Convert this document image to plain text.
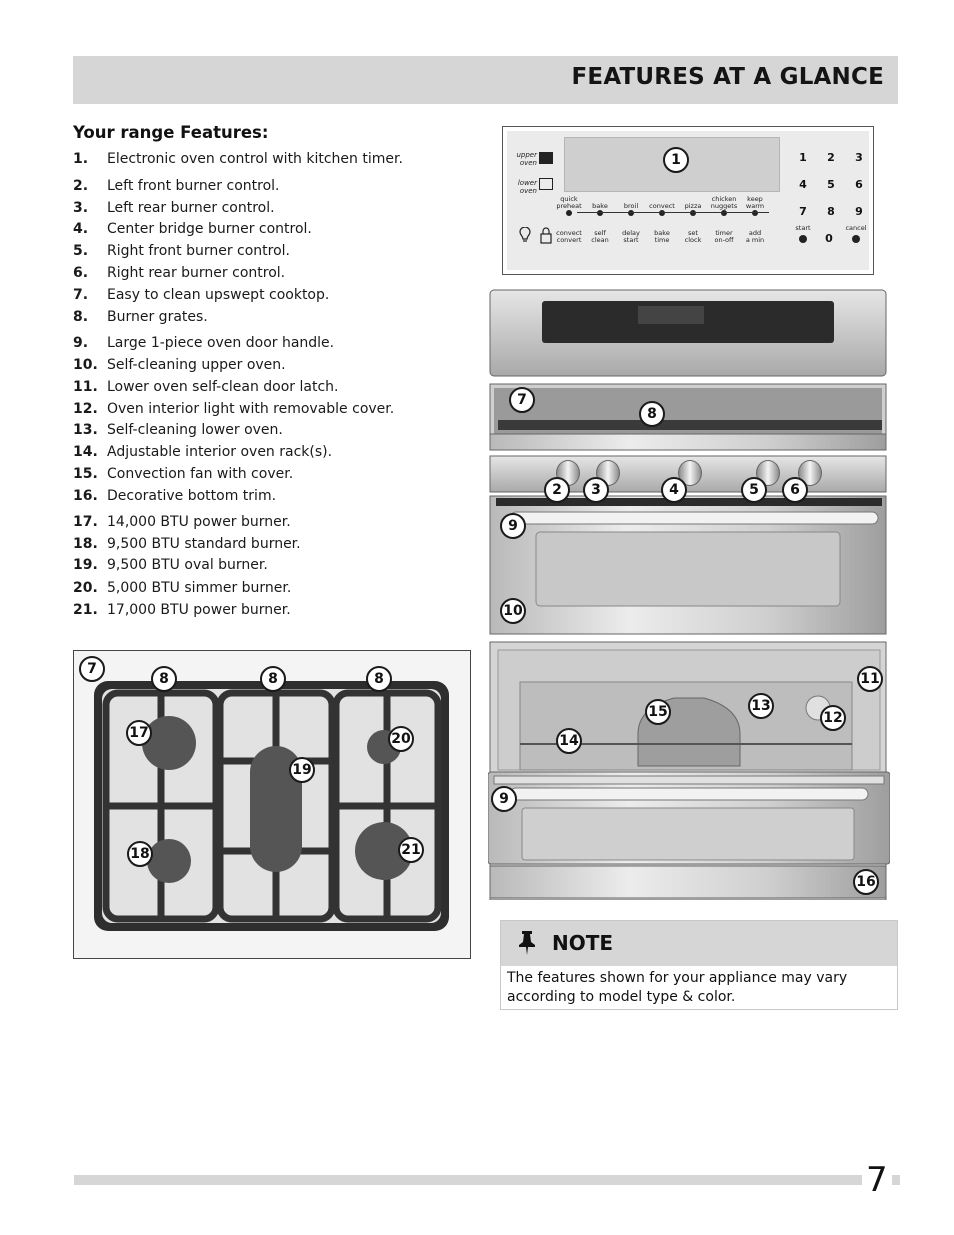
FEATURES AT A GLANCE
Your range Features:
1. Electronic oven control with kitchen timer.
2. Left front burner control.
3. Left rear burner control.
4. Center bridge burner control.
5. Right front burner control.
6. Right rear burner control.
7. Easy to clean upswept cooktop.
8. Burner grates.
9. Large 1-piece oven door handle.
10. Self-cleaning upper oven.
11. Lower oven self-clean door latch.
12. Oven interior light with removable cover.
13. Self-cleaning lower oven.
14. Adjustable interior oven rack(s).
15. Convection fan with cover.
16. Decorative bottom trim.
17. 14,000 BTU power burner.
18. 9,500 BTU standard burner.
19. 9,500 BTU oval burner.
20. 5,000 BTU simmer burner.
21. 17,000 BTU power burner.
upper
oven
lower
oven
1
quick
preheat	bake	broil	convect	pizza
chicken
nuggets
keep
warm
convect
convert
self
clean
delay
start
bake
time
set
clock
timer
on-off
add
a min
1 2 3
4 5 6
7 8 9
start
0
cancel
7
8
2	3	4	5	6
9
10
11
15	13
12
14
9
16
7
8	8	8
17	20
19
18	21
NOTE
The features shown for your appliance may vary according to model type & color.
7
